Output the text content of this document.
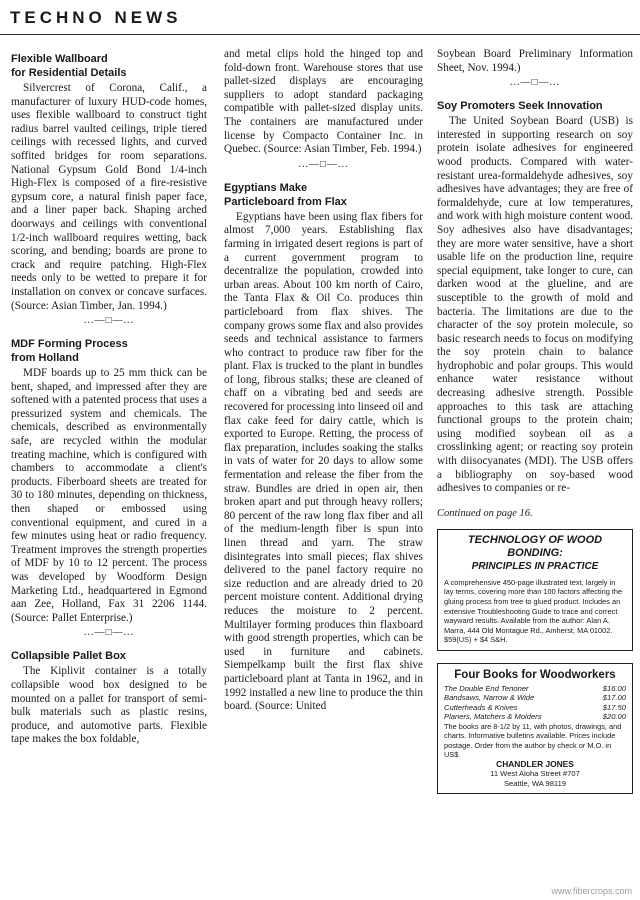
TECHNO NEWS
Flexible Wallboard
for Residential Details

Silvercrest of Corona, Calif., a manufacturer of luxury HUD-code homes, uses flexible wallboard to construct tight radius barrel vaulted ceilings, triple tiered ceilings with recessed lights, and curved soffited bridges for room separations. National Gypsum Gold Bond 1/4-inch High-Flex is composed of a fire-resistive gypsum core, a natural finish paper face, and a liner paper back. Shaping arched doorways and ceilings with conventional 1/2-inch wallboard requires wetting, back scoring, and bending; boards are prone to crack and require patching. High-Flex needs only to be wetted to prepare it for installation on convex or concave surfaces. (Source: Asian Timber, Jan. 1994.)

...—□—...
MDF Forming Process
from Holland

MDF boards up to 25 mm thick can be bent, shaped, and impressed after they are softened with a patented process that uses a pressurized system and chemicals. The chemicals, described as environmentally safe, are recycled within the modular treating machine, which is configured with chambers to accommodate a client's products. Fiberboard sheets are treated for 30 to 180 minutes, depending on thickness, then shaped or embossed using conventional equipment, and cured in a few minutes using heat or radio frequency. Treatment improves the strength properties of MDF by 10 to 12 percent. The process was developed by Woodform Design Marketing Ltd., headquartered in Egmond aan Zee, Holland, Fax 31 2206 1144. (Source: Pallet Enterprise.)

...—□—...
Collapsible Pallet Box

The Kiplivit container is a totally collapsible wood box designed to be mounted on a pallet for transport of semi-bulk materials such as plastic resins, produce, and automotive parts. Flexible tape makes the box foldable,

and metal clips hold the hinged top and fold-down front. Warehouse stores that use pallet-sized displays are encouraging suppliers to adopt standard packaging compatible with pallet-sized display units. The containers are manufactured under license by Compacto Container Inc. in Quebec. (Source: Asian Timber, Feb. 1994.)

...—□—...
Egyptians Make
Particleboard from Flax

Egyptians have been using flax fibers for almost 7,000 years. Establishing flax farming in irrigated desert regions is part of a current government program to decentralize the population, crowded into urban areas. About 100 km north of Cairo, the Tanta Flax & Oil Co. produces thin particleboard from flax shives. The company grows some flax and also provides seeds and technical assistance to farmers who contract to produce raw fiber for the plant. Flax is trucked to the plant in bundles of long, fibrous stalks; these are cleaned of chaff on a vibrating bed and seeds are recovered for processing into linseed oil and flax cake feed for dairy cattle, which is exported to Europe. Retting, the process of flax preparation, includes soaking the stalks in vats of water for 20 days to allow some fermentation and release the fiber from the straw. Bundles are dried in open air, then broken apart and put through heavy rollers; 80 percent of the raw long flax fiber and all of the medium-length fiber is spun into linen thread and yarn. The straw disintegrates into small pieces; flax shives delivered to the panel factory require no size reduction and are already dried to 20 percent moisture content. Additional drying reduces the moisture to 2 percent. Multilayer forming produces thin flaxboard with good strength properties, which can be used in furniture and cabinets. Siempelkamp built the first flax shive particleboard plant at Tanta in 1962, and in 1992 installed a new line to produce the thin board. (Source: United

Soybean Board Preliminary Information Sheet, Nov. 1994.)

...—□—...
Soy Promoters Seek Innovation

The United Soybean Board (USB) is interested in supporting research on soy protein isolate adhesives for engineered wood products. Compared with water-resistant urea-formaldehyde adhesives, soy adhesives have advantages; they are free of formaldehyde, cure at low temperatures, and work with high moisture content wood. Soy adhesives also have disadvantages; they are more water sensitive, have a short usable life on the production line, require special equipment, take longer to cure, can darken wood at the glueline, and are susceptible to the growth of mold and bacteria. The limitations are due to the character of the soy protein molecule, so basic research needs to focus on modifying the soy protein chain to balance hydrophobic and polar groups. This would enhance water resistance without decreasing adhesive strength. Possible approaches to this task are attaching functional groups to the protein chain; using modified soybean oil as a crosslinking agent; or reacting soy protein with diisocyanates (MDI). The USB offers a bibliography on soy-based wood adhesives to companies or re-

Continued on page 16.
TECHNOLOGY OF WOOD BONDING:
PRINCIPLES IN PRACTICE
A comprehensive 450-page illustrated text, largely in lay terms, covering more than 100 factors affecting the gluing process from tree to glued product. Includes an extensive Troubleshooting Guide to trace and correct wayward results. Available from the author: Alan A. Marra, 444 Old Montague Rd., Amherst, MA 01002. $59(US) + $4 S&H.
Four Books for Woodworkers
The Double End Tenoner	$16.00
Bandsaws, Narrow & Wide	$17.00
Cutterheads & Knives	$17.50
Planers, Matchers & Molders	$20.00
The books are 8-1/2 by 11, with photos, drawings, and charts. Informative bulletins available. Prices include postage. Order from the author by check or M.O. in US$.
CHANDLER JONES
11 West Aloha Street #707
Seattle, WA 98119
www.fibercrops.com
